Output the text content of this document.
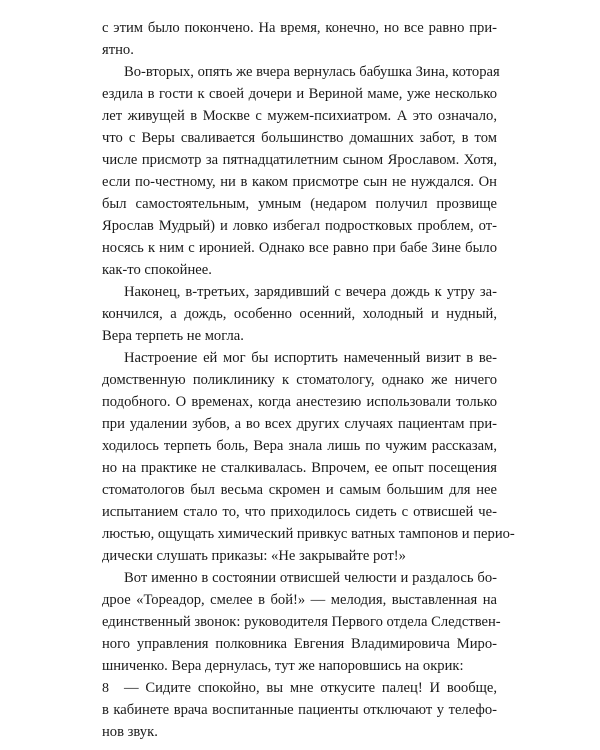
с этим было покончено. На время, конечно, но все равно при-
ятно.
Во-вторых, опять же вчера вернулась бабушка Зина, которая
ездила в гости к своей дочери и Вериной маме, уже несколько
лет живущей в Москве с мужем-психиатром. А это означало,
что с Веры сваливается большинство домашних забот, в том
числе присмотр за пятнадцатилетним сыном Ярославом. Хотя,
если по-честному, ни в каком присмотре сын не нуждался. Он
был самостоятельным, умным (недаром получил прозвище
Ярослав Мудрый) и ловко избегал подростковых проблем, от-
носясь к ним с иронией. Однако все равно при бабе Зине было
как-то спокойнее.
Наконец, в-третьих, зарядивший с вечера дождь к утру за-
кончился, а дождь, особенно осенний, холодный и нудный,
Вера терпеть не могла.
Настроение ей мог бы испортить намеченный визит в ве-
домственную поликлинику к стоматологу, однако же ничего
подобного. О временах, когда анестезию использовали только
при удалении зубов, а во всех других случаях пациентам при-
ходилось терпеть боль, Вера знала лишь по чужим рассказам,
но на практике не сталкивалась. Впрочем, ее опыт посещения
стоматологов был весьма скромен и самым большим для нее
испытанием стало то, что приходилось сидеть с отвисшей че-
люстью, ощущать химический привкус ватных тампонов и перио-
дически слушать приказы: «Не закрывайте рот!»
Вот именно в состоянии отвисшей челюсти и раздалось бо-
дрое «Тореадор, смелее в бой!» — мелодия, выставленная на
единственный звонок: руководителя Первого отдела Следствен-
ного управления полковника Евгения Владимировича Миро-
шниченко. Вера дернулась, тут же напоровшись на окрик:
— Сидите спокойно, вы мне откусите палец! И вообще,
в кабинете врача воспитанные пациенты отключают у телефо-
нов звук.
8
